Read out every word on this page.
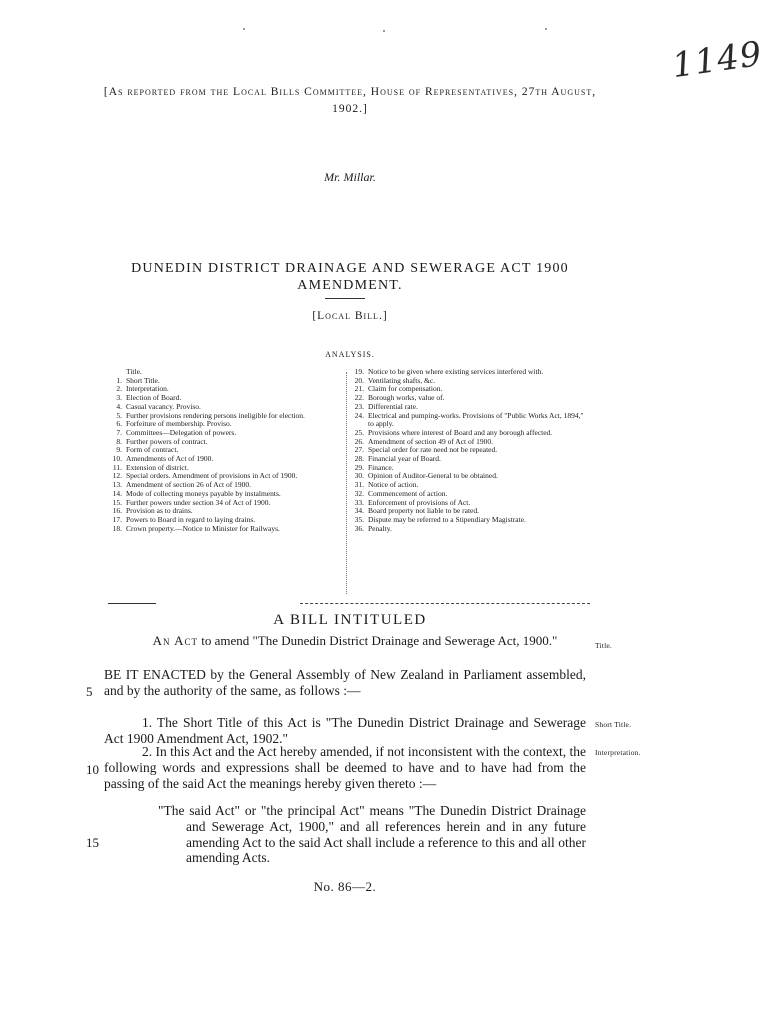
1149
[As reported from the Local Bills Committee, House of Representatives, 27th August, 1902.]
Mr. Millar.
DUNEDIN DISTRICT DRAINAGE AND SEWERAGE ACT 1900 AMENDMENT.
[Local Bill.]
ANALYSIS.
Title.
1. Short Title.
2. Interpretation.
3. Election of Board.
4. Casual vacancy. Proviso.
5. Further provisions rendering persons ineligible for election.
6. Forfeiture of membership. Proviso.
7. Committees—Delegation of powers.
8. Further powers of contract.
9. Form of contract.
10. Amendments of Act of 1900.
11. Extension of district.
12. Special orders. Amendment of provisions in Act of 1900.
13. Amendment of section 26 of Act of 1900.
14. Mode of collecting moneys payable by instalments.
15. Further powers under section 34 of Act of 1900.
16. Provision as to drains.
17. Powers to Board in regard to laying drains.
18. Crown property.—Notice to Minister for Railways.
19. Notice to be given where existing services interfered with.
20. Ventilating shafts, &c.
21. Claim for compensation.
22. Borough works, value of.
23. Differential rate.
24. Electrical and pumping-works. Provisions of "Public Works Act, 1894," to apply.
25. Provisions where interest of Board and any borough affected.
26. Amendment of section 49 of Act of 1900.
27. Special order for rate need not be repeated.
28. Financial year of Board.
29. Finance.
30. Opinion of Auditor-General to be obtained.
31. Notice of action.
32. Commencement of action.
33. Enforcement of provisions of Act.
34. Board property not liable to be rated.
35. Dispute may be referred to a Stipendiary Magistrate.
36. Penalty.
A BILL INTITULED
An Act to amend "The Dunedin District Drainage and Sewerage Act, 1900."	Title.
BE IT ENACTED by the General Assembly of New Zealand in Parliament assembled, and by the authority of the same, as follows :—
5
1. The Short Title of this Act is "The Dunedin District Drainage and Sewerage Act 1900 Amendment Act, 1902."
Short Title.
2. In this Act and the Act hereby amended, if not inconsistent with the context, the following words and expressions shall be deemed to have and to have had from the passing of the said Act the meanings hereby given thereto :—
Interpretation.
10
"The said Act" or "the principal Act" means "The Dunedin District Drainage and Sewerage Act, 1900," and all references herein and in any future amending Act to the said Act shall include a reference to this and all other amending Acts.
15
No. 86—2.
